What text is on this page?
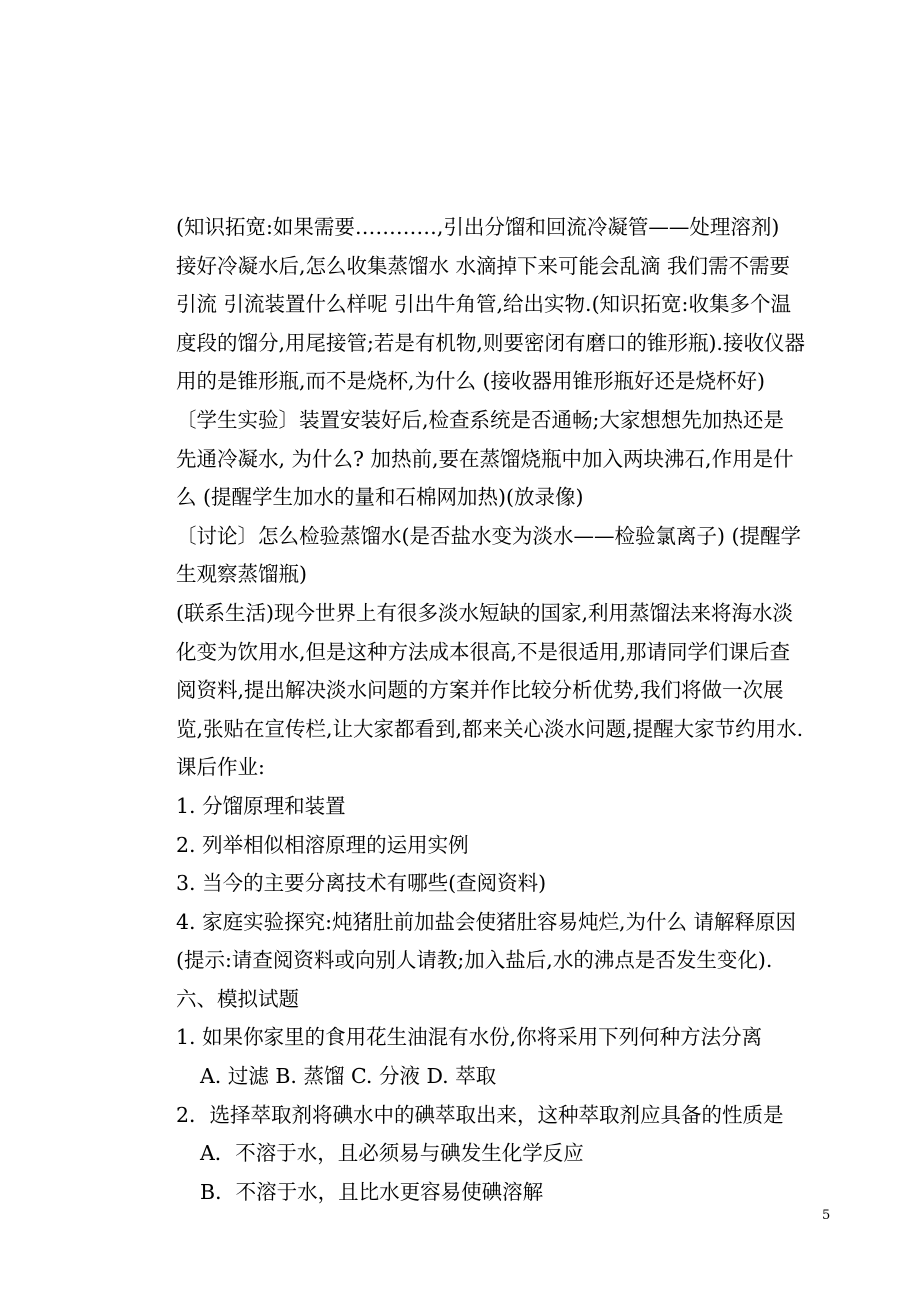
(知识拓宽:如果需要…………,引出分馏和回流冷凝管——处理溶剂)
接好冷凝水后,怎么收集蒸馏水 水滴掉下来可能会乱滴 我们需不需要
引流 引流装置什么样呢 引出牛角管,给出实物.(知识拓宽:收集多个温
度段的馏分,用尾接管;若是有机物,则要密闭有磨口的锥形瓶).接收仪器
用的是锥形瓶,而不是烧杯,为什么 (接收器用锥形瓶好还是烧杯好)
〔学生实验〕装置安装好后,检查系统是否通畅;大家想想先加热还是
先通冷凝水, 为什么? 加热前,要在蒸馏烧瓶中加入两块沸石,作用是什
么 (提醒学生加水的量和石棉网加热)(放录像)
〔讨论〕怎么检验蒸馏水(是否盐水变为淡水——检验氯离子) (提醒学
生观察蒸馏瓶)
(联系生活)现今世界上有很多淡水短缺的国家,利用蒸馏法来将海水淡
化变为饮用水,但是这种方法成本很高,不是很适用,那请同学们课后查
阅资料,提出解决淡水问题的方案并作比较分析优势,我们将做一次展
览,张贴在宣传栏,让大家都看到,都来关心淡水问题,提醒大家节约用水.
课后作业:
1. 分馏原理和装置
2. 列举相似相溶原理的运用实例
3. 当今的主要分离技术有哪些(查阅资料)
4. 家庭实验探究:炖猪肚前加盐会使猪肚容易炖烂,为什么 请解释原因
(提示:请查阅资料或向别人请教;加入盐后,水的沸点是否发生变化).
六、模拟试题
1. 如果你家里的食用花生油混有水份,你将采用下列何种方法分离
A. 过滤 B. 蒸馏 C. 分液 D. 萃取
2．选择萃取剂将碘水中的碘萃取出来，这种萃取剂应具备的性质是
A．不溶于水，且必须易与碘发生化学反应
B．不溶于水，且比水更容易使碘溶解
5
